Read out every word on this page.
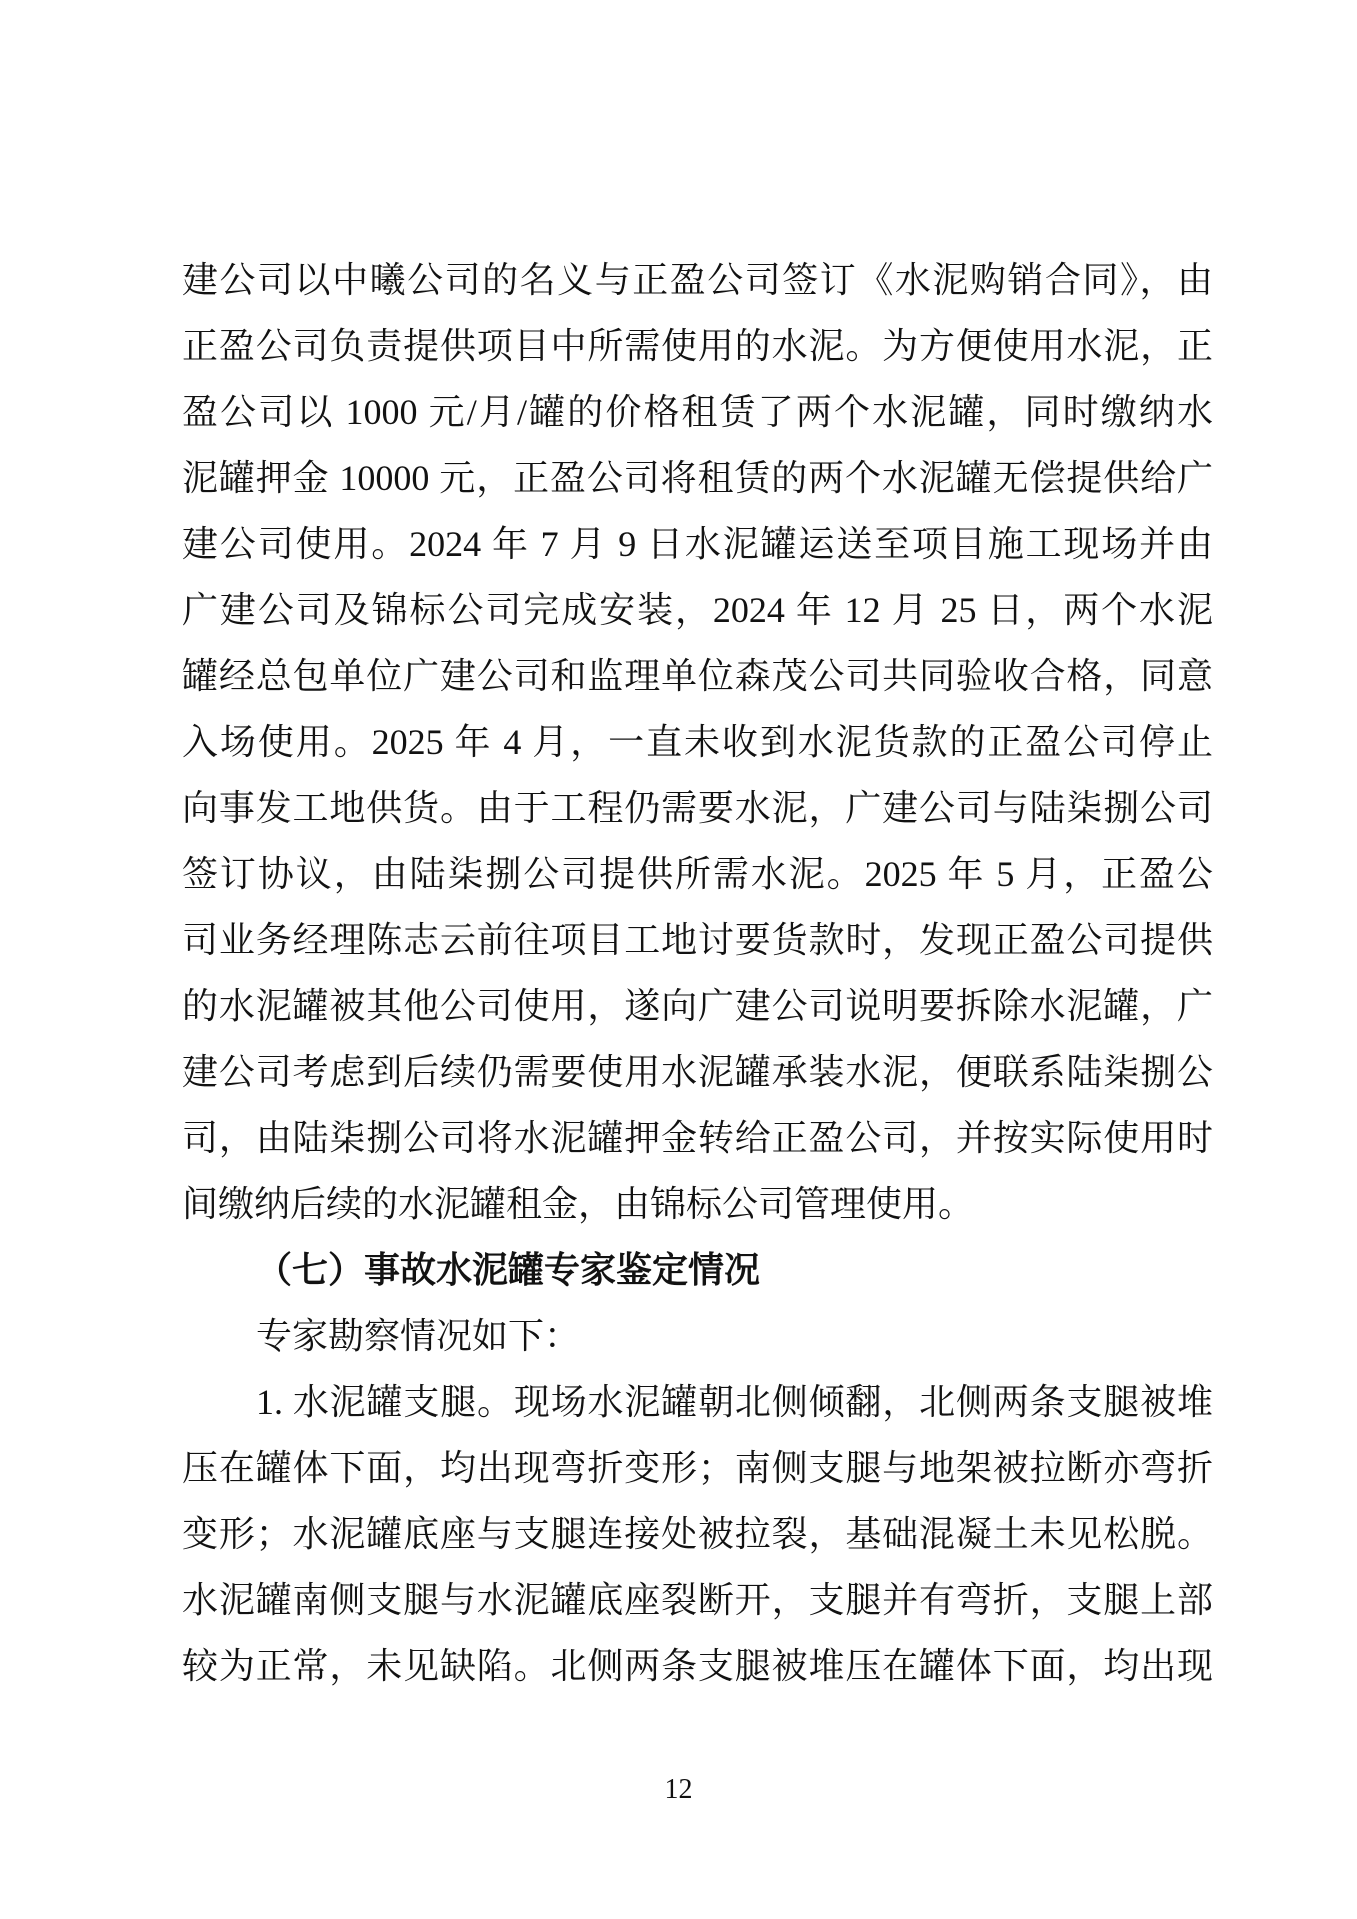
建公司以中曦公司的名义与正盈公司签订《水泥购销合同》，由
正盈公司负责提供项目中所需使用的水泥。为方便使用水泥，正
盈公司以 1000 元/月/罐的价格租赁了两个水泥罐，同时缴纳水
泥罐押金 10000 元，正盈公司将租赁的两个水泥罐无偿提供给广
建公司使用。2024 年 7 月 9 日水泥罐运送至项目施工现场并由
广建公司及锦标公司完成安装，2024 年 12 月 25 日，两个水泥
罐经总包单位广建公司和监理单位森茂公司共同验收合格，同意
入场使用。2025 年 4 月，一直未收到水泥货款的正盈公司停止
向事发工地供货。由于工程仍需要水泥，广建公司与陆柒捌公司
签订协议，由陆柒捌公司提供所需水泥。2025 年 5 月，正盈公
司业务经理陈志云前往项目工地讨要货款时，发现正盈公司提供
的水泥罐被其他公司使用，遂向广建公司说明要拆除水泥罐，广
建公司考虑到后续仍需要使用水泥罐承装水泥，便联系陆柒捌公
司，由陆柒捌公司将水泥罐押金转给正盈公司，并按实际使用时
间缴纳后续的水泥罐租金，由锦标公司管理使用。
（七）事故水泥罐专家鉴定情况
专家勘察情况如下：
1. 水泥罐支腿。现场水泥罐朝北侧倾翻，北侧两条支腿被堆
压在罐体下面，均出现弯折变形；南侧支腿与地架被拉断亦弯折
变形；水泥罐底座与支腿连接处被拉裂，基础混凝土未见松脱。
水泥罐南侧支腿与水泥罐底座裂断开，支腿并有弯折，支腿上部
较为正常，未见缺陷。北侧两条支腿被堆压在罐体下面，均出现
12
